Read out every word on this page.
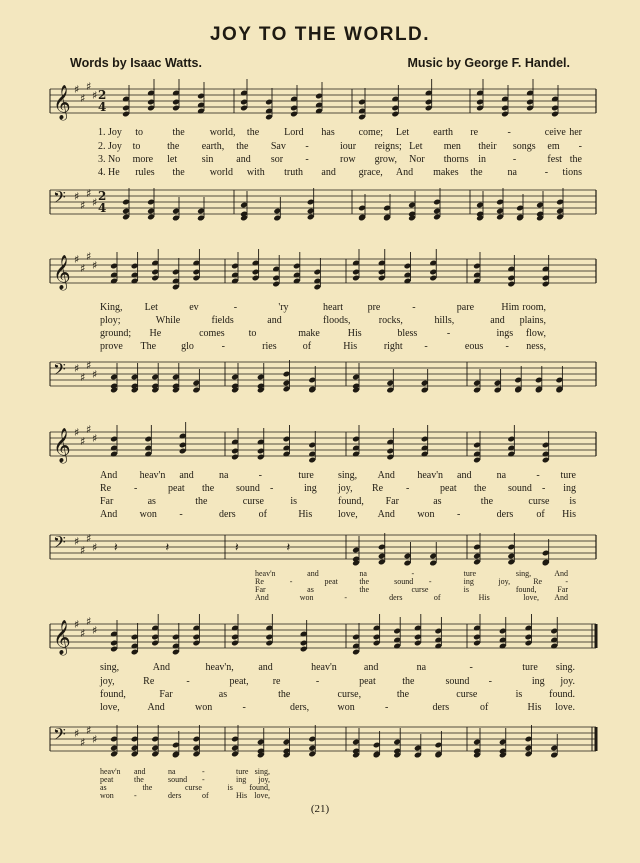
JOY TO THE WORLD.
Words by Isaac Watts.	Music by George F. Handel.
𝄞 ♯
♯
♯
♯ 2
4
1. Joy to	the	world, the	Lord has come; Let earth re	-	ceive her
2. Joy to	the earth, the Sav -	iour reigns; Let men their songs em -
3. No more let sin and sor -	row grow, Nor thorns in	-	fest the
4. He rules the	world with truth and grace, And makes the	na	- tions
𝄢 ♯
♯
♯
♯ 2
4
𝄞 ♯
♯
♯
♯
King, Let	ev	-	'ry	heart pre	-	pare	Him room,
ploy;	While	fields	and	floods,	rocks,	hills,	and plains,
ground; He	comes to	make	His	bless	-	ings flow,
prove The	glo	-	ries	of	His	right -	eous - ness,
𝄢 ♯
♯
♯
♯
𝄞 ♯
♯
♯
♯
And heav'n and	na	-	ture sing, And heav'n and	na	- ture
Re -	peat the sound -	ing joy, Re -	peat the sound - ing
Far	as	the	curse	is	found, Far	as	the	curse is
And won -	ders of	His	love, And won -	ders of His
𝄢 ♯
♯
♯
♯ 𝄽	𝄽	𝄽	𝄽
heav'n	and	na	-	ture	sing,	And
Re	-	peat	the	sound -	ing	joy,	Re	-
Far	as	the	curse	is	found,	Far
And	won	-	ders	of	His	love, And
𝄞 ♯
♯
♯
♯
sing,	And	heav'n, and	heav'n	and	na	-	ture sing.
joy,	Re	-	peat, re	-	peat	the	sound -	ing joy.
found,	Far	as	the	curse,	the	curse	is	found.
love,	And	won	-	ders,	won	-	ders	of	His love.
𝄢 ♯
♯
♯
♯
heav'n and	na	-	ture sing,
peat	the	sound -	ing joy,
as	the	curse	is found,
won	-	ders	of	His love,
(21)
